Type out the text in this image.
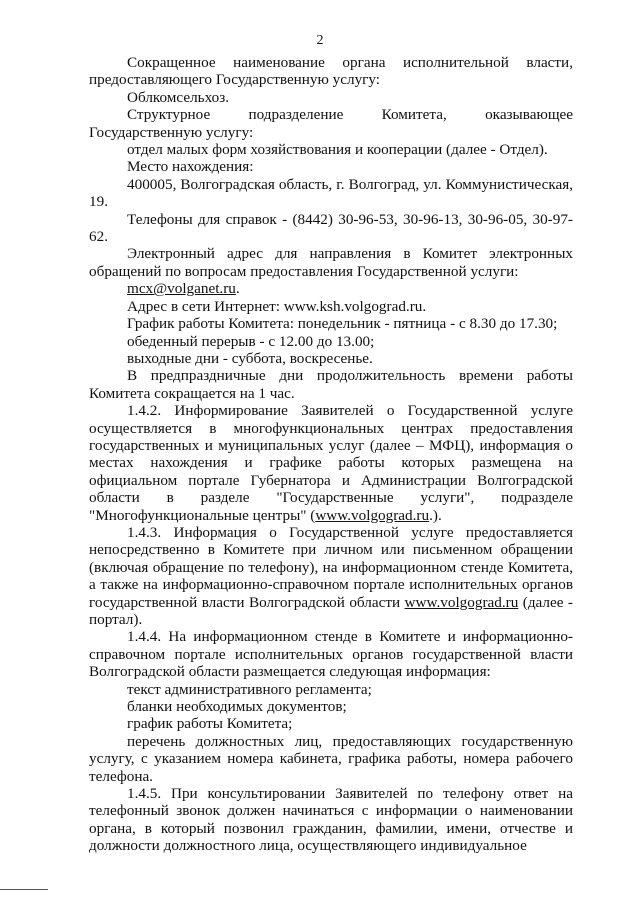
2

Сокращенное наименование органа исполнительной власти, предоставляющего Государственную услугу:

Облкомсельхоз.

Структурное подразделение Комитета, оказывающее Государственную услугу:

отдел малых форм хозяйствования и кооперации (далее - Отдел).

Место нахождения:

400005, Волгоградская область, г. Волгоград, ул. Коммунистическая, 19.

Телефоны для справок - (8442) 30-96-53, 30-96-13, 30-96-05, 30-97-62.

Электронный адрес для направления в Комитет электронных обращений по вопросам предоставления Государственной услуги:

mcx@volganet.ru.

Адрес в сети Интернет: www.ksh.volgograd.ru.

График работы Комитета: понедельник - пятница - с 8.30 до 17.30;

обеденный перерыв - с 12.00 до 13.00;

выходные дни - суббота, воскресенье.

В предпраздничные дни продолжительность времени работы Комитета сокращается на 1 час.

1.4.2. Информирование Заявителей о Государственной услуге осуществляется в многофункциональных центрах предоставления государственных и муниципальных услуг (далее – МФЦ), информация о местах нахождения и графике работы которых размещена на официальном портале Губернатора и Администрации Волгоградской области в разделе "Государственные услуги", подразделе "Многофункциональные центры" (www.volgograd.ru.).

1.4.3. Информация о Государственной услуге предоставляется непосредственно в Комитете при личном или письменном обращении (включая обращение по телефону), на информационном стенде Комитета, а также на информационно-справочном портале исполнительных органов государственной власти Волгоградской области www.volgograd.ru (далее - портал).

1.4.4. На информационном стенде в Комитете и информационно-справочном портале исполнительных органов государственной власти Волгоградской области размещается следующая информация:

текст административного регламента;

бланки необходимых документов;

график работы Комитета;

перечень должностных лиц, предоставляющих государственную услугу, с указанием номера кабинета, графика работы, номера рабочего телефона.

1.4.5. При консультировании Заявителей по телефону ответ на телефонный звонок должен начинаться с информации о наименовании органа, в который позвонил гражданин, фамилии, имени, отчестве и должности должностного лица, осуществляющего индивидуальное
